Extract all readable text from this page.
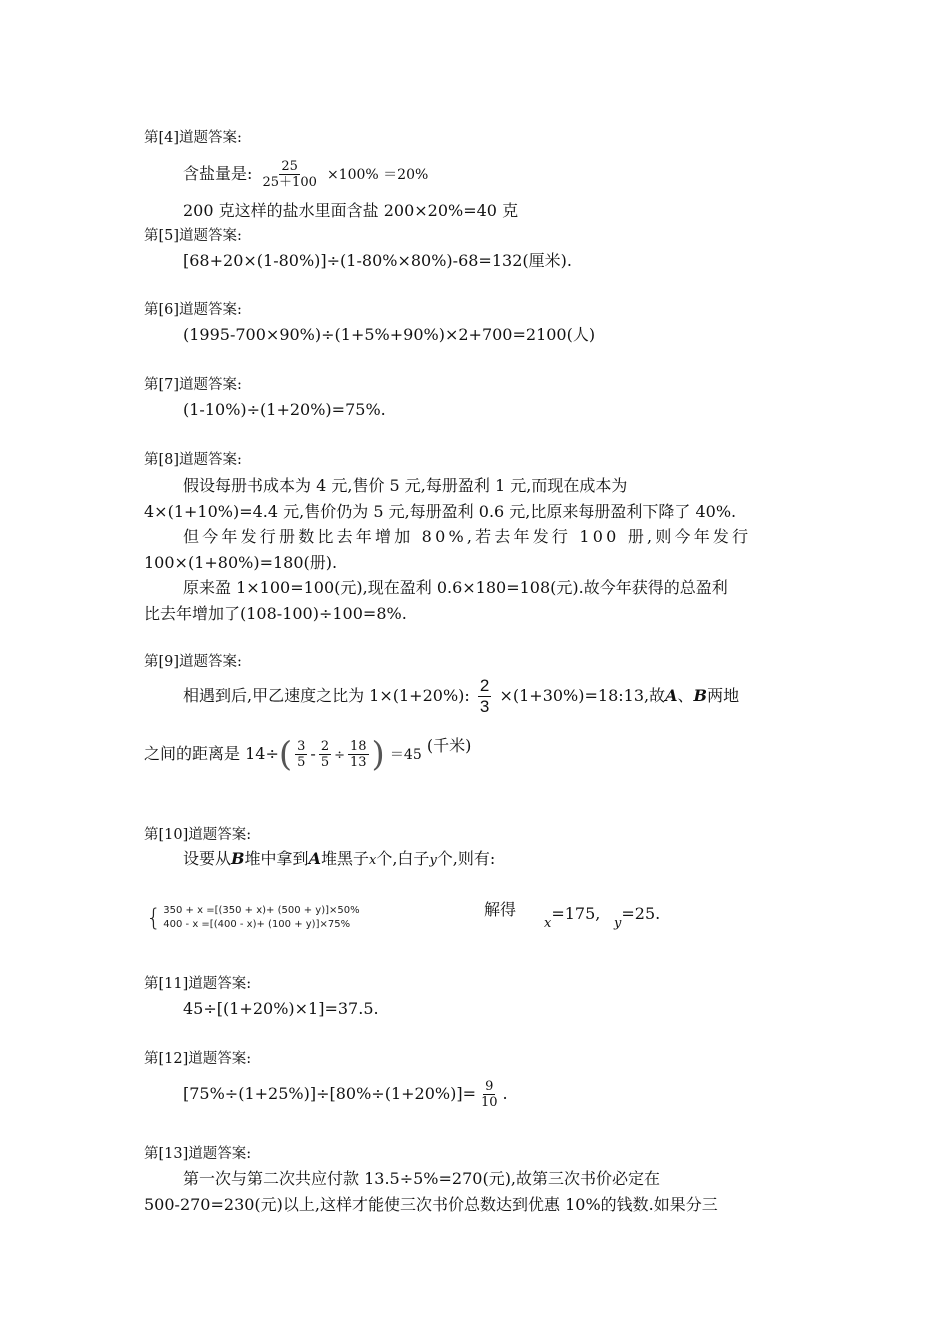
第[4]道题答案:
含盐量是: $\frac{25}{25+100} \times 100\% =20\%$
200 克这样的盐水里面含盐 200×20%=40 克
第[5]道题答案:
[68+20×(1-80%)]÷(1-80%×80%)-68=132(厘米).
第[6]道题答案:
(1995-700×90%)÷(1+5%+90%)×2+700=2100(人)
第[7]道题答案:
(1-10%)÷(1+20%)=75%.
第[8]道题答案:
假设每册书成本为 4 元,售价 5 元,每册盈利 1 元,而现在成本为
4×(1+10%)=4.4 元,售价仍为 5 元,每册盈利 0.6 元,比原来每册盈利下降了 40%.
但今年发行册数比去年增加 80%,若去年发行 100 册,则今年发行
100×(1+80%)=180(册).
原来盈 1×100=100(元),现在盈利 0.6×180=108(元).故今年获得的总盈利
比去年增加了(108-100)÷100=8%.
第[9]道题答案:
相遇到后,甲乙速度之比为 1×(1+20%): $\frac{2}{3}$ ×(1+30%)=18:13,故A、B两地
之间的距离是 $14\div( \frac{3}{5} - \frac{2}{5} \div \frac{18}{13}$ ) ＝45 (千米)
第[10]道题答案:
设要从B堆中拿到A堆黑子x个,白子y个,则有:
{ 350 + x =[(350 + x)+ (500 + y)]×50%
400 - x =[(400 - x)+ (100 + y)]×75%
解得
$_x$=175,
$_y$=25.
第[11]道题答案:
45÷[(1+20%)×1]=37.5.
第[12]道题答案:
$[75\%\div(1+25\%)]\div[80\%\div(1+20\%)]= \frac{9}{10}$ .
第[13]道题答案:
第一次与第二次共应付款 13.5÷5%=270(元),故第三次书价必定在
500-270=230(元)以上,这样才能使三次书价总数达到优惠 10%的钱数.如果分三
